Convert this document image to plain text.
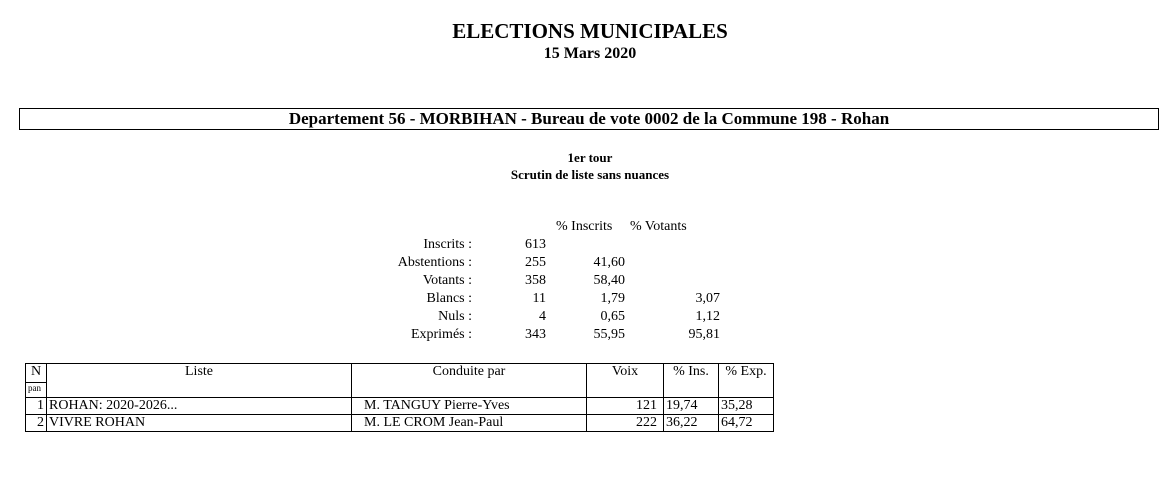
ELECTIONS MUNICIPALES
15 Mars 2020
Departement 56 - MORBIHAN - Bureau de vote 0002 de la Commune 198 - Rohan
1er tour
Scrutin de liste sans nuances
% Inscrits % Votants
Inscrits :	613
Abstentions :	255	41,60
Votants :	358	58,40
Blancs :	11	1,79	3,07
Nuls :	4	0,65	1,12
Exprimés :	343	55,95	95,81
N	Liste	Conduite par	Voix	% Ins.	% Exp.
pan					
1	ROHAN: 2020-2026...	M. TANGUY Pierre-Yves	121	19,74	35,28
2	VIVRE ROHAN	M. LE CROM Jean-Paul	222	36,22	64,72
